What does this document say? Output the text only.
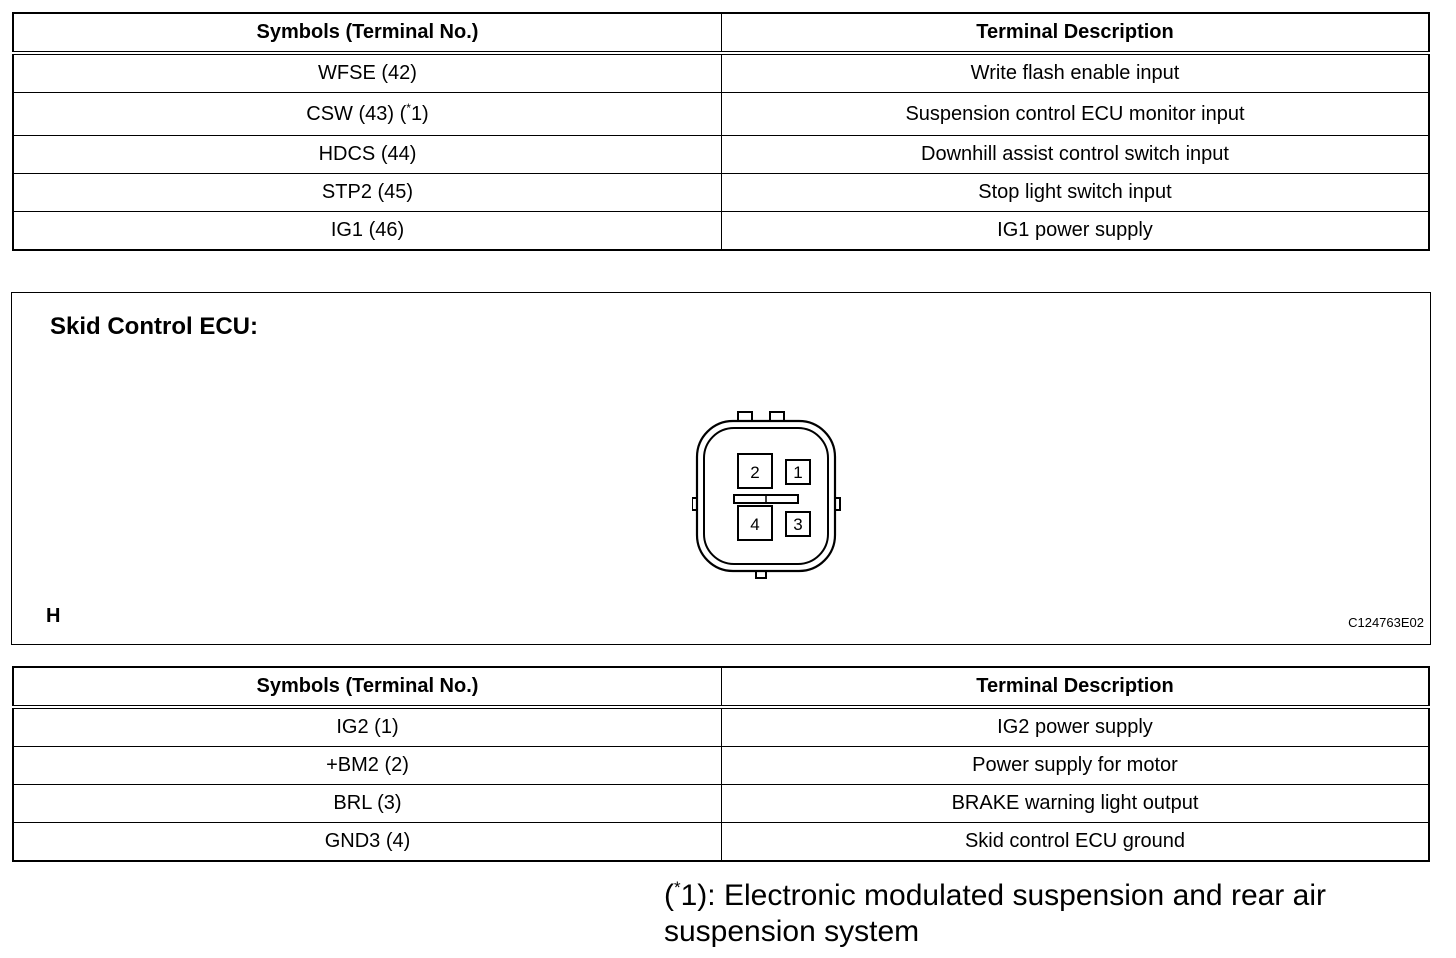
Symbols (Terminal No.)	Terminal Description
WFSE (42)	Write flash enable input
CSW (43) (*1)	Suspension control ECU monitor input
HDCS (44)	Downhill assist control switch input
STP2 (45)	Stop light switch input
IG1 (46)	IG1 power supply
Skid Control ECU:
2 1
4 3
H	C124763E02
Symbols (Terminal No.)	Terminal Description
IG2 (1)	IG2 power supply
+BM2 (2)	Power supply for motor
BRL (3)	BRAKE warning light output
GND3 (4)	Skid control ECU ground
(*1): Electronic modulated suspension and rear air suspension system
